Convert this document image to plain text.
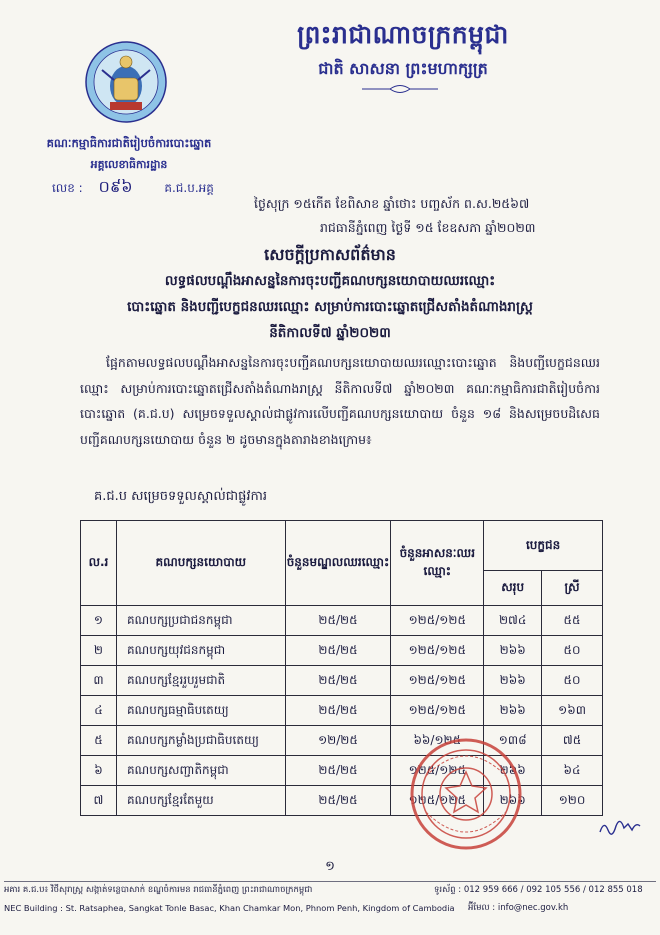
ព្រះរាជាណាចក្រកម្ពុជា
ជាតិ សាសនា ព្រះមហាក្សត្រ
គណៈកម្មាធិការជាតិរៀបចំការបោះឆ្នោត
អគ្គលេខាធិការដ្ឋាន
លេខ : ០៩៦	គ.ជ.ប.អគ្គ
ថ្ងៃសុក្រ ១៥កើត ខែពិសាខ ឆ្នាំថោះ បញ្ចស័ក ព.ស.២៥៦៧
រាជធានីភ្នំពេញ ថ្ងៃទី ១៥ ខែឧសភា ឆ្នាំ២០២៣
សេចក្តីប្រកាសព័ត៌មាន
លទ្ធផលបណ្តឹងអាសន្ននៃការចុះបញ្ជីគណបក្សនយោបាយឈរឈ្មោះ
បោះឆ្នោត និងបញ្ជីបេក្ខជនឈរឈ្មោះ សម្រាប់ការបោះឆ្នោតជ្រើសតាំងតំណាងរាស្ត្រ
នីតិកាលទី៧ ឆ្នាំ២០២៣
ផ្អែកតាមលទ្ធផលបណ្តឹងអាសន្ននៃការចុះបញ្ជីគណបក្សនយោបាយឈរឈ្មោះបោះឆ្នោត និងបញ្ជីបេក្ខជនឈរឈ្មោះ សម្រាប់ការបោះឆ្នោតជ្រើសតាំងតំណាងរាស្ត្រ នីតិកាលទី៧ ឆ្នាំ២០២៣ គណៈកម្មាធិការជាតិរៀបចំការបោះឆ្នោត (គ.ជ.ប) សម្រេចទទួលស្គាល់ជាផ្លូវការលើបញ្ជីគណបក្សនយោបាយ ចំនួន ១៨ និងសម្រេចបដិសេធបញ្ជីគណបក្សនយោបាយ ចំនួន ២ ដូចមានក្នុងតារាងខាងក្រោម៖
គ.ជ.ប សម្រេចទទួលស្គាល់ជាផ្លូវការ
ល.រ	គណបក្សនយោបាយ	ចំនួនមណ្ឌលឈរឈ្មោះ	ចំនួនអាសនៈឈរឈ្មោះ	បេក្ខជន	
				សរុប	ស្រី
១	គណបក្សប្រជាជនកម្ពុជា	២៥/២៥	១២៥/១២៥	២៧៤	៥៥
២	គណបក្សយុវជនកម្ពុជា	២៥/២៥	១២៥/១២៥	២៦៦	៥០
៣	គណបក្សខ្មែររួបរួមជាតិ	២៥/២៥	១២៥/១២៥	២៦៦	៥០
៤	គណបក្សធម្មាធិបតេយ្យ	២៥/២៥	១២៥/១២៥	២៦៦	១៦៣
៥	គណបក្សកម្លាំងប្រជាធិបតេយ្យ	១២/២៥	៦៦/១២៥	១៣៨	៧៥
៦	គណបក្សសញ្ជាតិកម្ពុជា	២៥/២៥	១២៥/១២៥	២៦៦	៦៤
៧	គណបក្សខ្មែរតែមួយ	២៥/២៥	១២៥/១២៥	២៦៦	១២០
១
អគារ គ.ជ.ប៖ វិថីសុរាស្ត្រ សង្កាត់ទន្លេបាសាក់ ខណ្ឌចំការមន រាជធានីភ្នំពេញ ព្រះរាជាណាចក្រកម្ពុជា
NEC Building : St. Ratsaphea, Sangkat Tonle Basac, Khan Chamkar Mon, Phnom Penh, Kingdom of Cambodia
ទូរស័ព្ទ : 012 959 666 / 092 105 556 / 012 855 018
អ៊ីមែល : info@nec.gov.kh
